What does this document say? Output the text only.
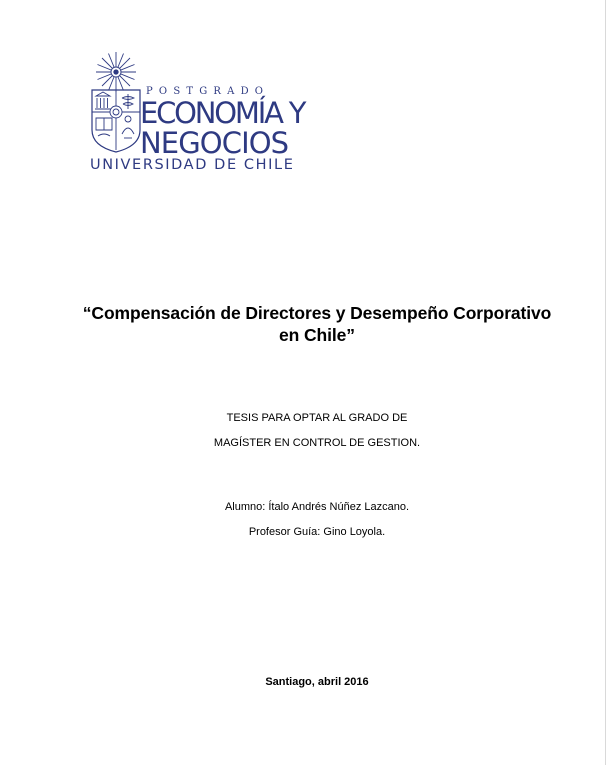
POSTGRADO
ECONOMÍA Y
NEGOCIOS
UNIVERSIDAD DE CHILE
“Compensación de Directores y Desempeño Corporativo
en Chile”
TESIS PARA OPTAR AL GRADO DE
MAGÍSTER EN CONTROL DE GESTION.
Alumno: Ítalo Andrés Núñez Lazcano.
Profesor Guía: Gino Loyola.
Santiago, abril 2016
